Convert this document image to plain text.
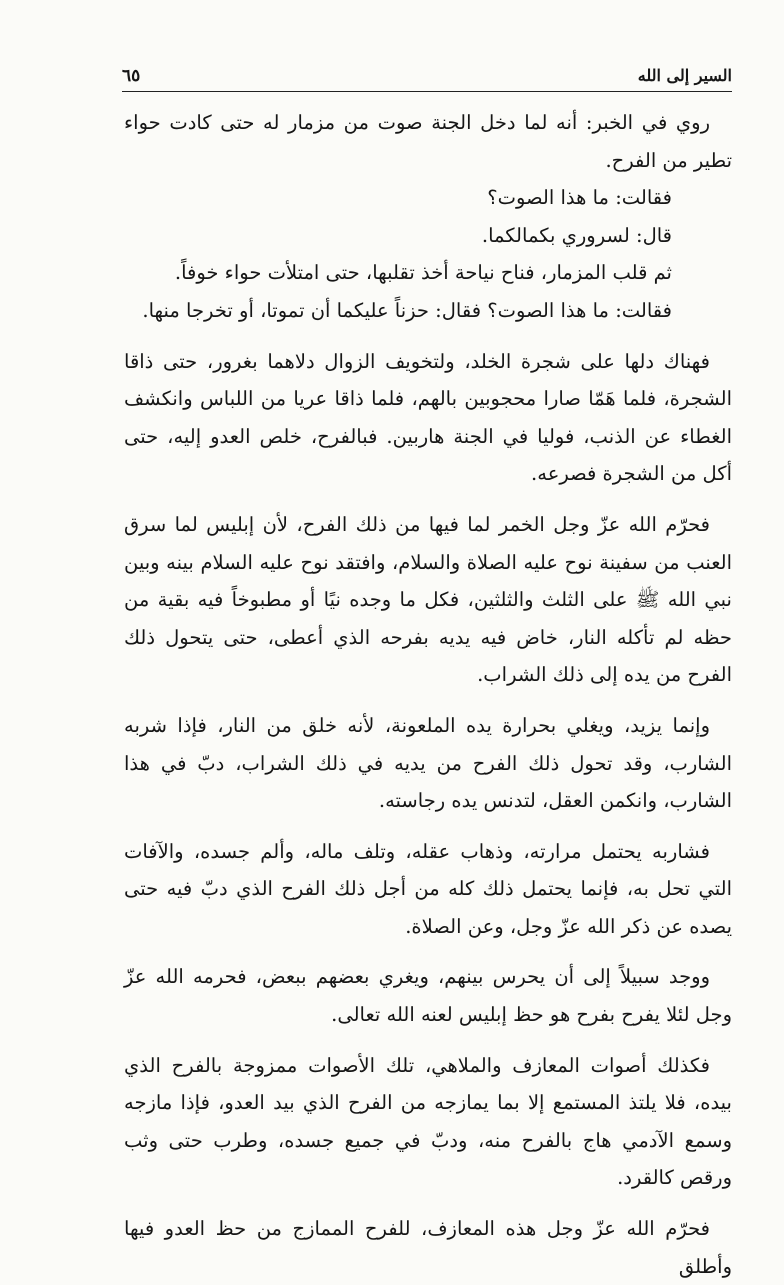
السير إلى الله
٦٥

روي في الخبر: أنه لما دخل الجنة صوت من مزمار له حتى كادت حواء تطير من الفرح.

فقالت: ما هذا الصوت؟

قال: لسروري بكمالكما.

ثم قلب المزمار، فناح نياحة أخذ تقلبها، حتى امتلأت حواء خوفاً.

فقالت: ما هذا الصوت؟ فقال: حزناً عليكما أن تموتا، أو تخرجا منها.

فهناك دلها على شجرة الخلد، ولتخويف الزوال دلاهما بغرور، حتى ذاقا الشجرة، فلما هَمّا صارا محجوبين بالهم، فلما ذاقا عريا من اللباس وانكشف الغطاء عن الذنب، فوليا في الجنة هاربين. فبالفرح، خلص العدو إليه، حتى أكل من الشجرة فصرعه.

فحرّم الله عزّ وجل الخمر لما فيها من ذلك الفرح، لأن إبليس لما سرق العنب من سفينة نوح عليه الصلاة والسلام، وافتقد نوح عليه السلام بينه وبين نبي الله ﷺ على الثلث والثلثين، فكل ما وجده نيًا أو مطبوخاً فيه بقية من حظه لم تأكله النار، خاض فيه يديه بفرحه الذي أعطى، حتى يتحول ذلك الفرح من يده إلى ذلك الشراب.

وإنما يزيد، ويغلي بحرارة يده الملعونة، لأنه خلق من النار، فإذا شربه الشارب، وقد تحول ذلك الفرح من يديه في ذلك الشراب، دبّ في هذا الشارب، وانكمن العقل، لتدنس يده رجاسته.

فشاربه يحتمل مرارته، وذهاب عقله، وتلف ماله، وألم جسده، والآفات التي تحل به، فإنما يحتمل ذلك كله من أجل ذلك الفرح الذي دبّ فيه حتى يصده عن ذكر الله عزّ وجل، وعن الصلاة.

ووجد سبيلاً إلى أن يحرس بينهم، ويغري بعضهم ببعض، فحرمه الله عزّ وجل لئلا يفرح بفرح هو حظ إبليس لعنه الله تعالى.

فكذلك أصوات المعازف والملاهي، تلك الأصوات ممزوجة بالفرح الذي بيده، فلا يلتذ المستمع إلا بما يمازجه من الفرح الذي بيد العدو، فإذا مازجه وسمع الآدمي هاج بالفرح منه، ودبّ في جميع جسده، وطرب حتى وثب ورقص كالقرد.

فحرّم الله عزّ وجل هذه المعازف، للفرح الممازج من حظ العدو فيها وأطلق
